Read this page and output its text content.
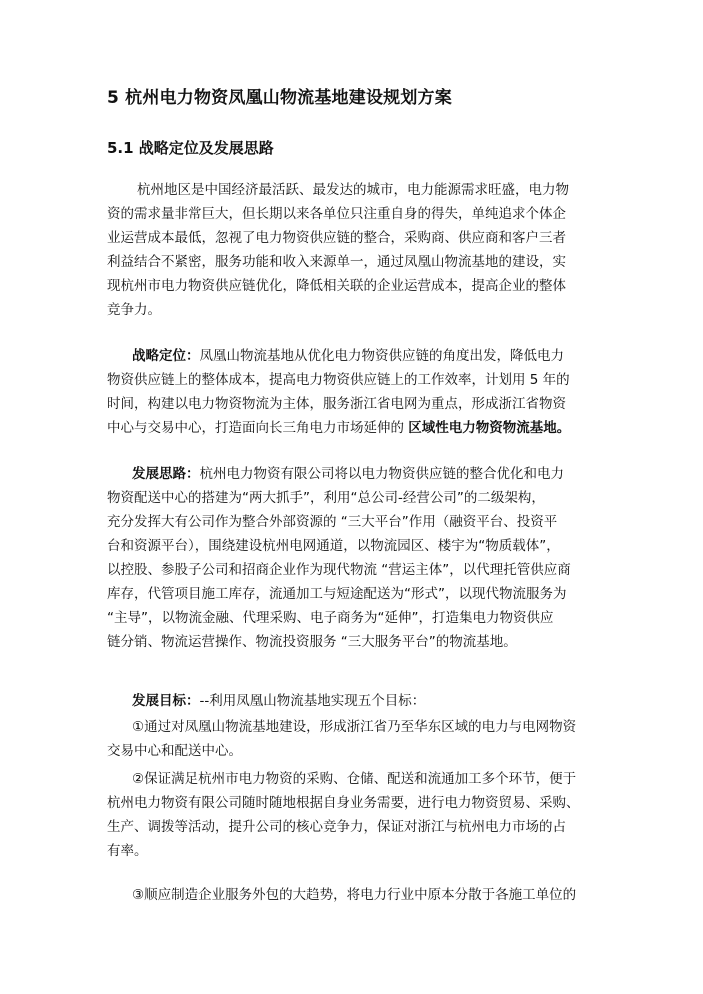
5 杭州电力物资凤凰山物流基地建设规划方案
5.1 战略定位及发展思路
杭州地区是中国经济最活跃、最发达的城市，电力能源需求旺盛，电力物
资的需求量非常巨大，但长期以来各单位只注重自身的得失，单纯追求个体企
业运营成本最低，忽视了电力物资供应链的整合，采购商、供应商和客户三者
利益结合不紧密，服务功能和收入来源单一，通过凤凰山物流基地的建设，实
现杭州市电力物资供应链优化，降低相关联的企业运营成本，提高企业的整体
竞争力。
战略定位：凤凰山物流基地从优化电力物资供应链的角度出发，降低电力
物资供应链上的整体成本，提高电力物资供应链上的工作效率，计划用 5 年的
时间，构建以电力物资物流为主体，服务浙江省电网为重点，形成浙江省物资
中心与交易中心，打造面向长三角电力市场延伸的 区域性电力物资物流基地。
发展思路：杭州电力物资有限公司将以电力物资供应链的整合优化和电力
物资配送中心的搭建为“两大抓手”，利用“总公司-经营公司”的二级架构，
充分发挥大有公司作为整合外部资源的 “三大平台”作用（融资平台、投资平
台和资源平台），围绕建设杭州电网通道，以物流园区、楼宇为“物质载体”，
以控股、参股子公司和招商企业作为现代物流 “营运主体”，以代理托管供应商
库存，代管项目施工库存，流通加工与短途配送为“形式”，以现代物流服务为
“主导”，以物流金融、代理采购、电子商务为“延伸”，打造集电力物资供应
链分销、物流运营操作、物流投资服务 “三大服务平台”的物流基地。
发展目标：--利用凤凰山物流基地实现五个目标：
①通过对凤凰山物流基地建设，形成浙江省乃至华东区域的电力与电网物资
交易中心和配送中心。
②保证满足杭州市电力物资的采购、仓储、配送和流通加工多个环节，便于
杭州电力物资有限公司随时随地根据自身业务需要，进行电力物资贸易、采购、
生产、调拨等活动，提升公司的核心竞争力，保证对浙江与杭州电力市场的占
有率。
③顺应制造企业服务外包的大趋势，将电力行业中原本分散于各施工单位的
